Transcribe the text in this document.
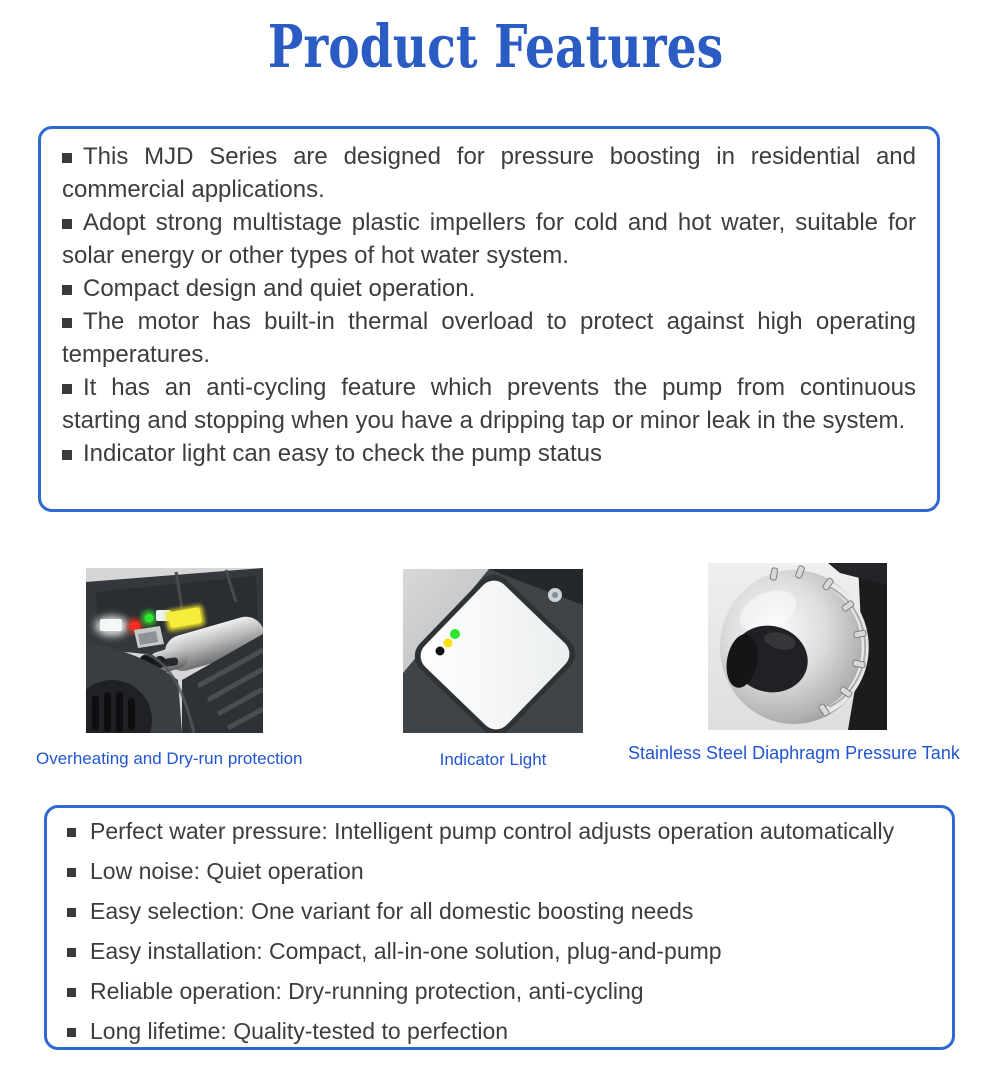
Product Features

This MJD Series are designed for pressure boosting in residential and commercial applications.

Adopt strong multistage plastic impellers for cold and hot water, suitable for solar energy or other types of hot water system.

Compact design and quiet operation.

The motor has built-in thermal overload to protect against high operating temperatures.

It has an anti-cycling feature which prevents the pump from continuous starting and stopping when you have a dripping tap or minor leak in the system.

Indicator light can easy to check the pump status

Overheating and Dry-run protection	Indicator Light	Stainless Steel Diaphragm Pressure Tank

Perfect water pressure: Intelligent pump control adjusts operation automatically

Low noise: Quiet operation

Easy selection: One variant for all domestic boosting needs

Easy installation: Compact, all-in-one solution, plug-and-pump

Reliable operation: Dry-running protection, anti-cycling

Long lifetime: Quality-tested to perfection
